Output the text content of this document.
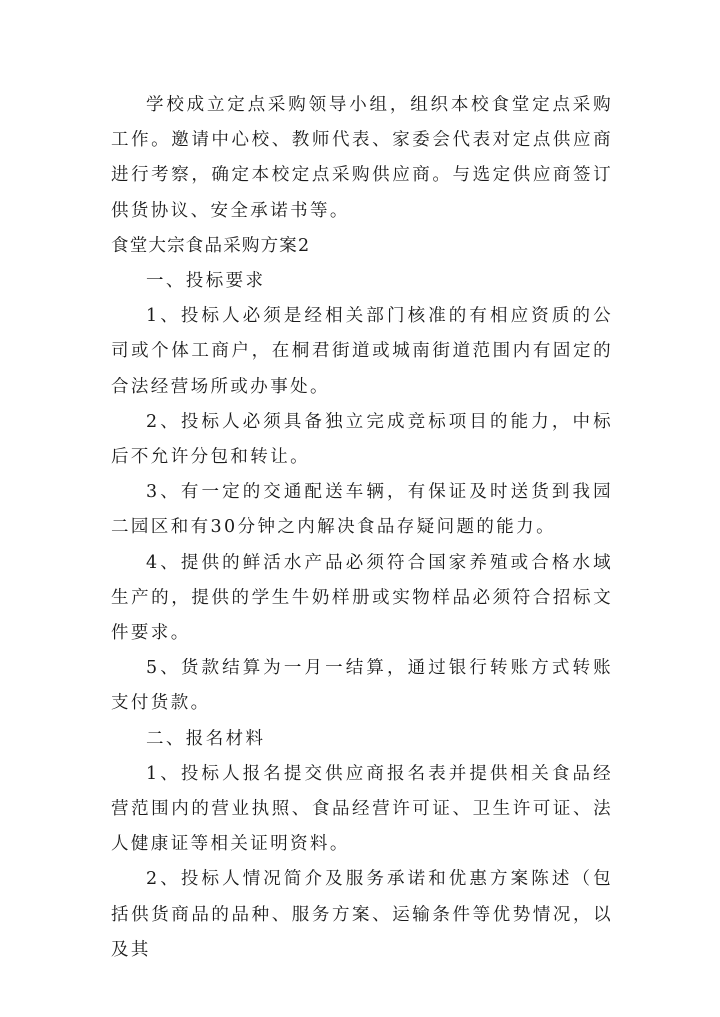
学校成立定点采购领导小组，组织本校食堂定点采购工作。邀请中心校、教师代表、家委会代表对定点供应商进行考察，确定本校定点采购供应商。与选定供应商签订供货协议、安全承诺书等。

食堂大宗食品采购方案2

一、投标要求

1、投标人必须是经相关部门核准的有相应资质的公司或个体工商户，在桐君街道或城南街道范围内有固定的合法经营场所或办事处。

2、投标人必须具备独立完成竞标项目的能力，中标后不允许分包和转让。

3、有一定的交通配送车辆，有保证及时送货到我园二园区和有30分钟之内解决食品存疑问题的能力。

4、提供的鲜活水产品必须符合国家养殖或合格水域生产的，提供的学生牛奶样册或实物样品必须符合招标文件要求。

5、货款结算为一月一结算，通过银行转账方式转账支付货款。

二、报名材料

1、投标人报名提交供应商报名表并提供相关食品经营范围内的营业执照、食品经营许可证、卫生许可证、法人健康证等相关证明资料。

2、投标人情况简介及服务承诺和优惠方案陈述（包括供货商品的品种、服务方案、运输条件等优势情况，以及其
